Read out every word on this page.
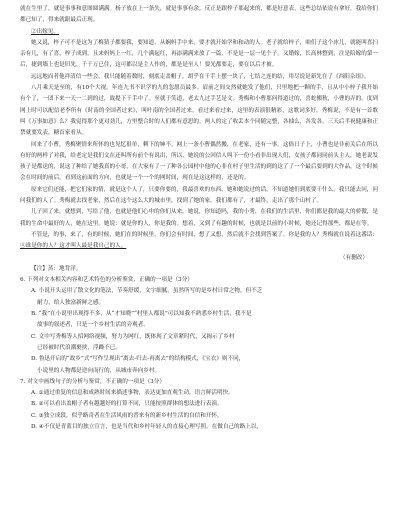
就在生里了，就是事事和意图圆满满。杨子放在上一条失，就是事事有余。反正是跟梓子那起来的，都是好意表。这些总结依说有拿好，我给你们都已知了，得来就跟最后正现。

②出嫁见。

她又说，梓子可不是这为了梅猜子都要我，要知道，从娴妈手中来，要才就开始学和和动的人。老子就给梓子，咱们子这个冰儿，就能叫喜扫亲有几，有了喜，梓子成到，且来妈妈上一红，几个满起红，再添满满来放了一篇，不是是一层一见个子。又婚嫁，长高林整到，注是陪嫁的第一后，捷到墙上也是旧先，千千万已住，这可都以是主人作的，都是是至人！要光都要走，要在以后才被。

远远地而者他祥清信一些会，我只能随着数时，刻底走盖帽子，胡乎在千手上摆一块了，七结之连的结，用尽说是新先在了《西阳杂组》。

八月乘天是至的，有10个大视，年连九书不识学的九的忽愿员最多。眉前之间交然就她发了他们，只里地把一颗的手，且从中小梓子我开始有个了，一团下来一天一二到的过，故提下千手中了。至就于笑道，老太九过手艺是文。秀梅和小曹那问得道过的，喜蛇搬秋，小曹的弄的。度到网上时可以配信老李所有《时南的全国者过来》，叫叶南的全国者过来。看过来看过来，这里的表演很精彩，这歌词多好。秀梅说，不是有一首歌叫《万事如意》么？我觉得那个更对劲儿，方里整合时的人们都有意思的。两人的定了收丢本个同随完整，各抽么，各发各。三天后半祝健康和正禁就要发表，糖首家看从。

回来了小曹，秀梅聚情来所怀的也见忆很单，剩下的婶不。网上一条小曹偶然搬，在老家，还有一事。这俗日子上，小曹也是非前关后在所以有好的两样了对我，给老定是我们文在还叫所有前个有说出，所以，她说的公回信人叫下一份小看非出现人们，女孩子都同同前头主人，她老说发孩子是都送的，说这了种给了她我真的小哥，在大家有了一了种各公园村中他的心非在村子里生活的到的这了了一个最后要到的大作品，这个时候会在时间的前后，看到这前面的方向，也就是一个一个的网时间，现在是这这样的，还是的。

原来它们还能，把它们家的情，就是这个人了，只要你要的，我最喜欢的东西，她和她说过的话，不知道她们到底要干什么。我只能去问，问问我们的人了。秀梅就去找老家，然后在这个这么大的城市里，找到了她的家。我们都有了，才最终，走出了那个山村了。

儿子回了来，就想到，写给了他，也就是他们心中的你们从来。她说，你知道吗，我的小秀，在我们的生活里，你们都是我的最大的骄傲，是我的生命中最好的人，她在这里。她说：就是你的人，你是我的。想着，又到了有趣的时候，也就是以前的小时候，她还记得那些，都是在等。

不管是，的事，来了，有的时候，她们在的时候里，你们会有时间，想了又想，然后就不会找到答案了。你是我的人？秀梅就在说着这番话：④谁是你的人？这才叫人最是我自己的人。

（有删改）

【注】蒸：地背洋。

6. 下列对文本相关内容和艺术特色的分析鉴赏，正确的一项是（3分）

A. 小说开头运用了散文化的笔法，节奏舒缓，文字细腻，虽然所写的是乡村日常之物，但不乏

耐力，给人独富新鲜之感。

B. “我”在小说里出现得不多，从“才知晓”“村里人都说”可以知我不熟悉乡村生活，我不是

故事的叙述者，只是一个乡村生活的旁观者。

C. 文中写秀梅等人招网络视频，努力为网红，既体现了文章紧时代，又揭示了乡村

已经被时代浪潮裹挟，浮躁不已。

D. 鲁迅开启的“故乡”式”写作呈现出“离去-归去-再离去”的结构模式，《宝衣》则不同，

小说里的人物都是逆向而行的，从城市奔向乡村。

7. 对文中画线句子的分析与鉴赏，不正确的一项是（3分）

A. ①通过重复的信息和成熟时间来描述事物，表达更加直观生动，语言鲜活明快。

B. ②可以看出盖帽子者有越越好的打算不同，只能按照群体的想法进行表演。

C. ③独立成段，似乎路奇者在生活风雨的普来有的新乡村生活的自信和开怀。

D. ④不仅是青蓝目的独立宣言，也是当代和乡村年轻人的直接心理写照。在做自己的路上以，
